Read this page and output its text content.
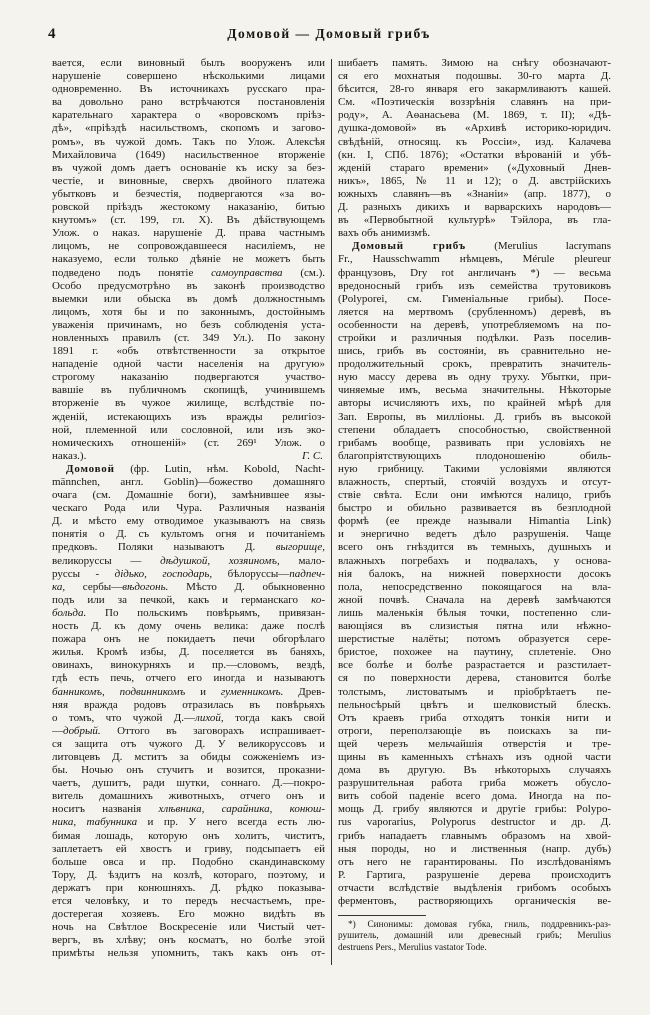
4	Домовой — Домовый грибъ
вается, если виновный былъ вооруженъ или
нарушеніе совершено нѣсколькими лицами
одновременно. Въ источникахъ русскаго пра-
ва довольно рано встрѣчаются постановленія
карательнаго характера о «воровскомъ пріѣз-
дѣ», «пріѣздѣ насильствомъ, скопомъ и загово-
ромъ», въ чужой домъ. Такъ по Улож. Алексѣя
Михайловича (1649) насильственное вторженіе
въ чужой домъ даетъ основаніе къ иску за без-
честіе, и виновные, сверхъ двойного платежа
убытковъ и безчестія, подвергаются «за во-
ровской пріѣздъ жестокому наказанію, битью
кнутомъ» (ст. 199, гл. X). Въ дѣйствующемъ
Улож. о наказ. нарушеніе Д. права частнымъ
лицомъ, не сопровождавшееся насиліемъ, не
наказуемо, если только дѣяніе не можетъ быть
подведено подъ понятіе самоуправства (см.).
Особо предусмотрѣно въ законѣ производство
выемки или обыска въ домѣ должностнымъ
лицомъ, хотя бы и по законнымъ, достойнымъ
уваженія причинамъ, но безъ соблюденія уста-
новленныхъ правилъ (ст. 349 Ул.). По закону
1891 г. «объ отвѣтственности за открытое
нападеніе одной части населенія на другую»
строгому наказанію подвергаются участво-
вавшіе въ публичномъ скопищѣ, учинившемъ
вторженіе въ чужое жилище, вслѣдствіе по-
жденій, истекающихъ изъ вражды религіоз-
ной, племенной или сословной, или изъ эко-
номическихъ отношеній» (ст. 269¹ Улож. о
Г. С.
наказ.).
Домовой (фр. Lutin, нѣм. Kobold, Nacht-
männchen, англ. Goblin)—божество домашняго
очага (см. Домашніе боги), замѣнившее язы-
ческаго Рода или Чура. Различныя названія
Д. и мѣсто ему отводимое указываютъ на связь
понятія о Д. съ культомъ огня и почитаніемъ
предковъ. Поляки называютъ Д. выгорище,
великоруссы — дѣдушкой, хозяиномъ, мало-
руссы - дідько, господарь, бѣлоруссы—падпеч-
ка, сербы—вѣдогонь. Мѣсто Д. обыкновенно
подъ или за печкой, какъ и германскаго ко-
больда. По польскимъ повѣрьямъ, привязан-
ность Д. къ дому очень велика: даже послѣ
пожара онъ не покидаетъ печи обгорѣлаго
жилья. Кромѣ избы, Д. поселяется въ баняхъ,
овинахъ, винокурняхъ и пр.—словомъ, вездѣ,
гдѣ есть печь, отчего его иногда и называютъ
банникомъ, подвинникомъ и гуменникомъ. Древ-
няя вражда родовъ отразилась въ повѣрьяхъ
о томъ, что чужой Д.—лихой, тогда какъ свой
—добрый. Оттого въ заговорахъ испрашивает-
ся защита отъ чужого Д. У великоруссовъ и
литовцевъ Д. мститъ за обиды сожженіемъ из-
бы. Ночью онъ стучитъ и возится, проказни-
чаетъ, душитъ, ради шутки, соннаго. Д.—покро-
витель домашнихъ животныхъ, отчего онъ и
носитъ названія хлѣвника, сарайника, конюш-
ника, табунника и пр. У него всегда есть лю-
бимая лошадь, которую онъ холитъ, чиститъ,
заплетаетъ ей хвостъ и гриву, подсыпаетъ ей
больше овса и пр. Подобно скандинавскому
Тору, Д. ѣздитъ на козлѣ, котораго, поэтому, и
держатъ при конюшняхъ. Д. рѣдко показыва-
ется человѣку, и то передъ несчастьемъ, пре-
достерегая хозяевъ. Его можно видѣть въ
ночь на Свѣтлое Воскресеніе или Чистый чет-
вергъ, въ хлѣву; онъ косматъ, но болѣе этой
примѣты нельзя упомнить, такъ какъ онъ от-
шибаетъ память. Зимою на снѣгу обозначают-
ся его мохнатыя подошвы. 30-го марта Д.
бѣсится, 28-го января его закармливаютъ кашей.
См. «Поэтическія воззрѣнія славянъ на при-
роду», А. Аѳанасьева (М. 1869, т. II); «Дѣ-
душка-домовой» въ «Архивѣ историко-юридич.
свѣдѣній, относящ. къ Россіи», изд. Калачева
(кн. I, СПб. 1876); «Остатки вѣрованій и убѣ-
жденій стараго времени» («Духовный Днев-
никъ», 1865, № 11 и 12); о Д. австрійскихъ
южныхъ славянъ—въ «Знаніи» (апр. 1877), о
Д. разныхъ дикихъ и варварскихъ народовъ—
въ «Первобытной культурѣ» Тэйлора, въ гла-
вахъ объ анимизмѣ.
Домовый грибъ (Merulius lacrymans
Fr., Hausschwamm нѣмцевъ, Mérule pleureur
французовъ, Dry rot англичанъ *) — весьма
вредоносный грибъ изъ семейства трутовиковъ
(Polyporei, см. Гименіальные грибы). Посе-
ляется на мертвомъ (срубленномъ) деревѣ, въ
особенности на деревѣ, употребляемомъ на по-
стройки и различныя подѣлки. Разъ поселив-
шись, грибъ въ состояніи, въ сравнительно не-
продолжительный срокъ, превратить значитель-
ную массу дерева въ одну труху. Убытки, при-
чиняемые имъ, весьма значительны. Нѣкоторые
авторы исчисляютъ ихъ, по крайней мѣрѣ для
Зап. Европы, въ милліоны. Д. грибъ въ высокой
степени обладаетъ способностью, свойственной
грибамъ вообще, развивать при условіяхъ не
благопріятствующихъ плодоношенію обиль-
ную грибницу. Такими условіями являются
влажность, спертый, стоячій воздухъ и отсут-
ствіе свѣта. Если они имѣются налицо, грибъ
быстро и обильно развивается въ безплодной
формѣ (ее прежде называли Himantia Link)
и энергично ведетъ дѣло разрушенія. Чаще
всего онъ гнѣздится въ темныхъ, душныхъ и
влажныхъ погребахъ и подвалахъ, у основа-
нія балокъ, на нижней поверхности досокъ
пола, непосредственно покоящагося на вла-
жной почвѣ. Сначала на деревѣ замѣчаются
лишь маленькія бѣлыя точки, постепенно сли-
вающіяся въ слизистыя пятна или нѣжно-
шерстистые налёты; потомъ образуется сере-
бристое, похожее на паутину, сплетеніе. Оно
все болѣе и болѣе разрастается и разстилает-
ся по поверхности дерева, становится болѣе
толстымъ, листоватымъ и пріобрѣтаетъ пе-
пельносѣрый цвѣтъ и шелковистый блескъ.
Отъ краевъ гриба отходятъ тонкія нити и
отроги, переползающіе въ поискахъ за пи-
щей черезъ мельчайшія отверстія и тре-
щины въ каменныхъ стѣнахъ изъ одной части
дома въ другую. Въ нѣкоторыхъ случаяхъ
разрушительная работа гриба можетъ обусло-
вить собой паденіе всего дома. Иногда на по-
мощь Д. грибу являются и другіе грибы: Polypo-
rus vaporarius, Polyporus destructor и др. Д.
грибъ нападаетъ главнымъ образомъ на хвой-
ныя породы, но и лиственныя (напр. дубъ)
отъ него не гарантированы. По изслѣдованіямъ
Р. Гартига, разрушеніе дерева происходитъ
отчасти вслѣдствіе выдѣленія грибомъ особыхъ
ферментовъ, растворяющихъ органическія ве-
*) Синонимы: домовая губка, гниль, поддревникъ-раз-
рушитель, домашній или древесный грибъ; Merulius
destruens Pers., Merulius vastator Tode.
